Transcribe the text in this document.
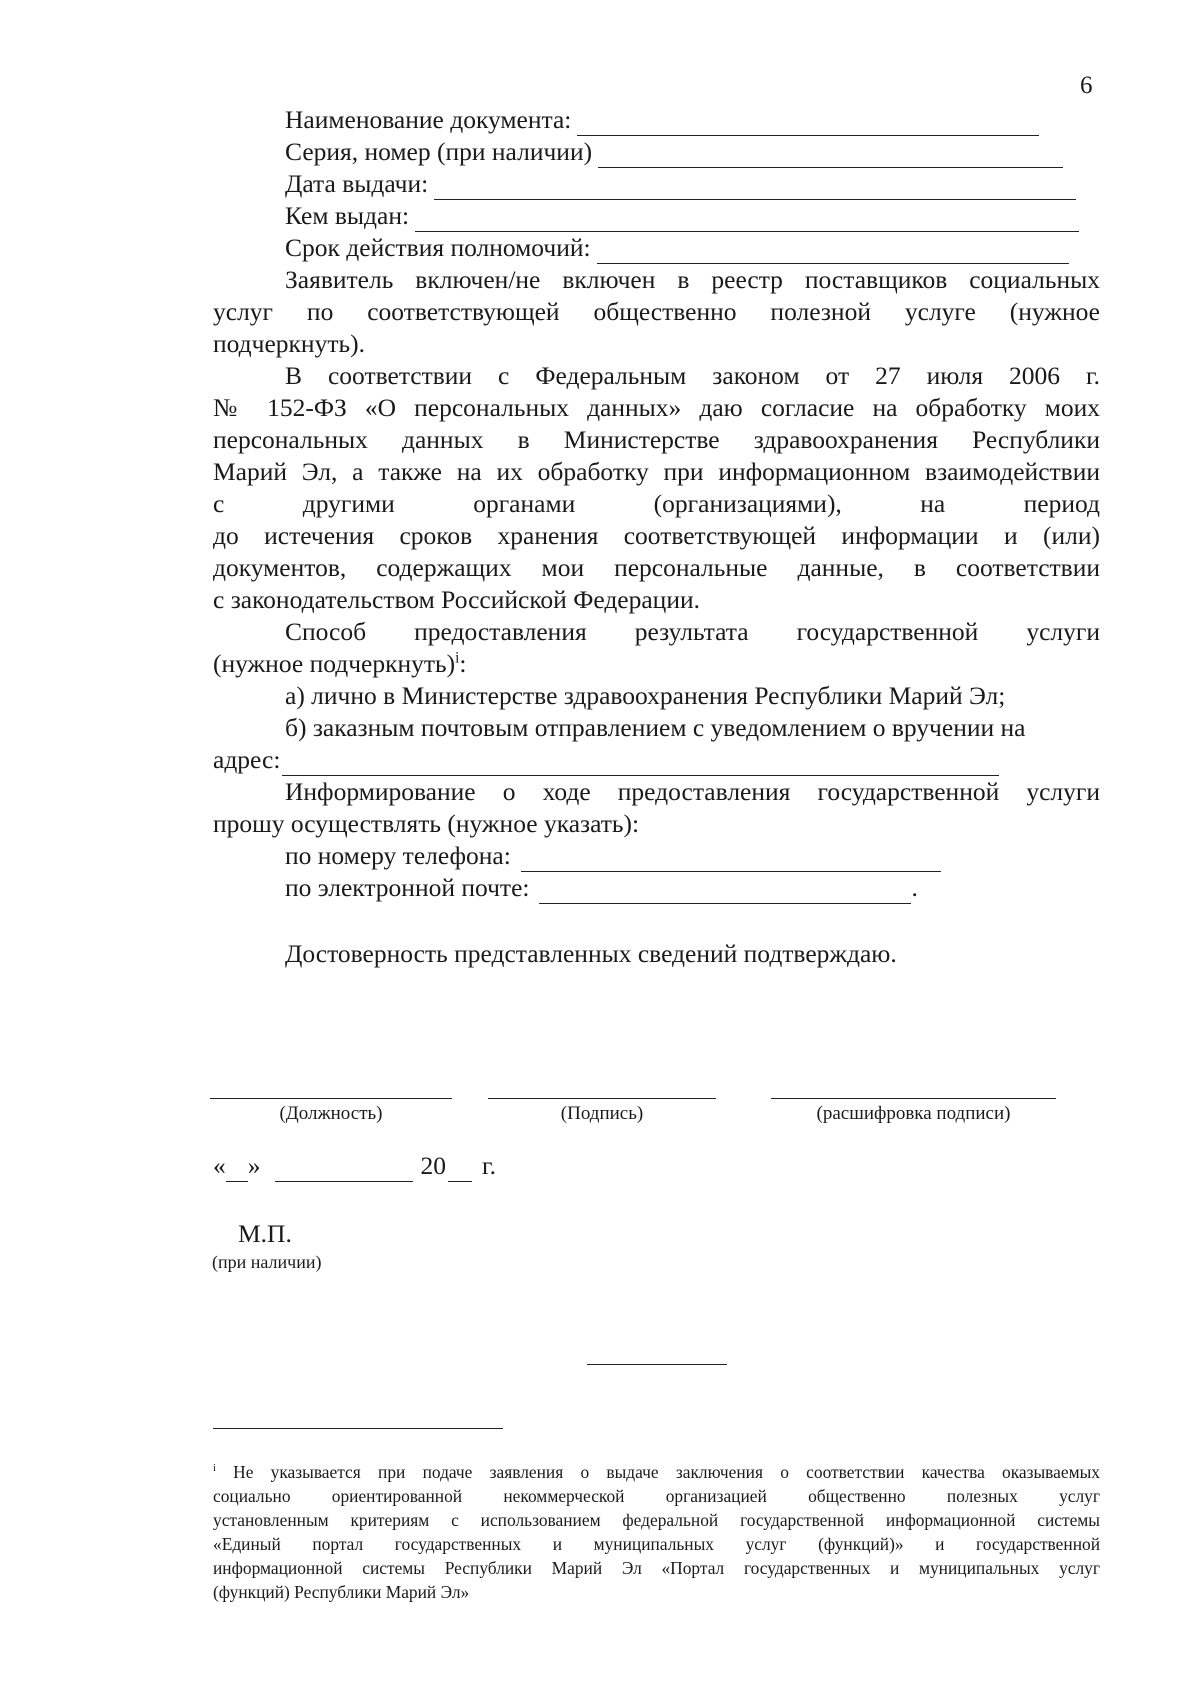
6
Наименование документа:
Серия, номер (при наличии)
Дата выдачи:
Кем выдан:
Срок действия полномочий:
Заявитель включен/не включен в реестр поставщиков социальных
услуг по соответствующей общественно полезной услуге (нужное
подчеркнуть).
В соответствии с Федеральным законом от 27 июля 2006 г.
№ 152-ФЗ «О персональных данных» даю согласие на обработку моих
персональных данных в Министерстве здравоохранения Республики
Марий Эл, а также на их обработку при информационном взаимодействии
с другими органами (организациями), на период
до истечения сроков хранения соответствующей информации и (или)
документов, содержащих мои персональные данные, в соответствии
с законодательством Российской Федерации.
Способ предоставления результата государственной услуги
(нужное подчеркнуть)$^i$:
а) лично в Министерстве здравоохранения Республики Марий Эл;
б) заказным почтовым отправлением с уведомлением о вручении на
адрес:
Информирование о ходе предоставления государственной услуги
прошу осуществлять (нужное указать):
по номеру телефона:
по электронной почте:	.
Достоверность представленных сведений подтверждаю.
(Должность)	(Подпись)	(расшифровка подписи)
« »	20 г.
М.П.
(при наличии)
$^i$ Не указывается при подаче заявления о выдаче заключения о соответствии качества оказываемых
социально ориентированной некоммерческой организацией общественно полезных услуг
установленным критериям с использованием федеральной государственной информационной системы
«Единый портал государственных и муниципальных услуг (функций)» и государственной
информационной системы Республики Марий Эл «Портал государственных и муниципальных услуг
(функций) Республики Марий Эл»
